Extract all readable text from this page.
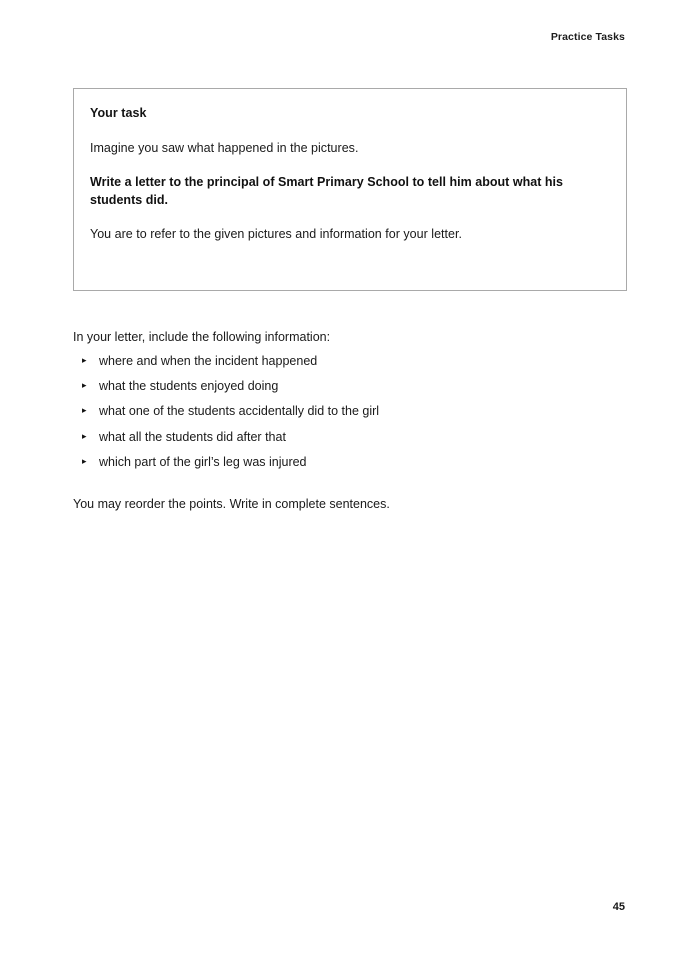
Practice Tasks
Your task

Imagine you saw what happened in the pictures.

Write a letter to the principal of Smart Primary School to tell him about what his students did.

You are to refer to the given pictures and information for your letter.

In your letter, include the following information:

▸ where and when the incident happened
▸ what the students enjoyed doing
▸ what one of the students accidentally did to the girl
▸ what all the students did after that
▸ which part of the girl’s leg was injured

You may reorder the points. Write in complete sentences.

45
